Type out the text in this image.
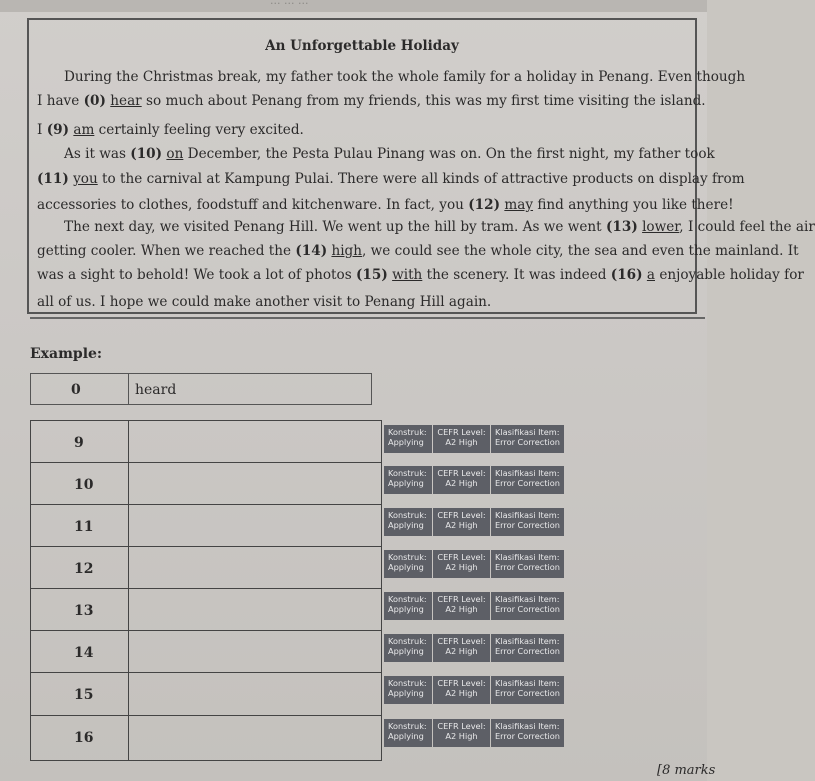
... ... ...
An Unforgettable Holiday
During the Christmas break, my father took the whole family for a holiday in Penang. Even though
I have (0) hear so much about Penang from my friends, this was my first time visiting the island.
I (9) am certainly feeling very excited.
As it was (10) on December, the Pesta Pulau Pinang was on. On the first night, my father took
(11) you to the carnival at Kampung Pulai. There were all kinds of attractive products on display from
accessories to clothes, foodstuff and kitchenware. In fact, you (12) may find anything you like there!
The next day, we visited Penang Hill. We went up the hill by tram. As we went (13) lower, I could feel the air
getting cooler. When we reached the (14) high, we could see the whole city, the sea and even the mainland. It
was a sight to behold! We took a lot of photos (15) with the scenery. It was indeed (16) a enjoyable holiday for
all of us. I hope we could make another visit to Penang Hill again.
Example:
0	heard
9
10
11
12
13
14
15
16
Konstruk:
Applying
CEFR Level:
A2 High
Klasifikasi Item:
Error Correction
Konstruk:
Applying
CEFR Level:
A2 High
Klasifikasi Item:
Error Correction
Konstruk:
Applying
CEFR Level:
A2 High
Klasifikasi Item:
Error Correction
Konstruk:
Applying
CEFR Level:
A2 High
Klasifikasi Item:
Error Correction
Konstruk:
Applying
CEFR Level:
A2 High
Klasifikasi Item:
Error Correction
Konstruk:
Applying
CEFR Level:
A2 High
Klasifikasi Item:
Error Correction
Konstruk:
Applying
CEFR Level:
A2 High
Klasifikasi Item:
Error Correction
Konstruk:
Applying
CEFR Level:
A2 High
Klasifikasi Item:
Error Correction
[8 marks
